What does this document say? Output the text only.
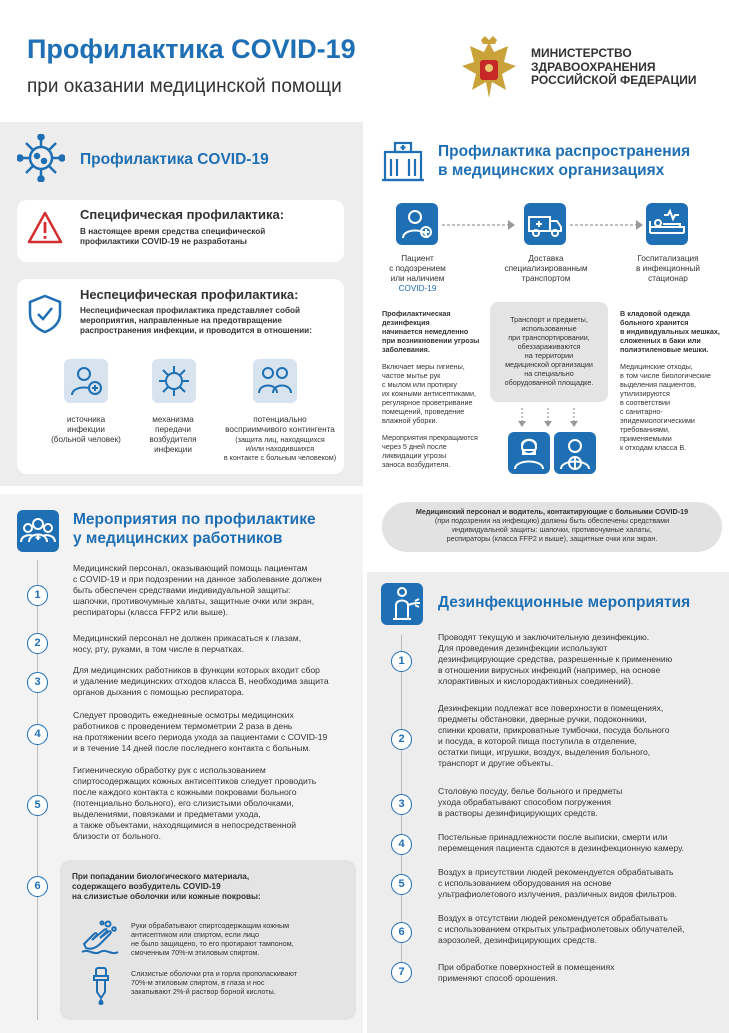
Профилактика COVID-19
при оказании медицинской помощи
МИНИСТЕРСТВО
ЗДРАВООХРАНЕНИЯ
РОССИЙСКОЙ ФЕДЕРАЦИИ
Профилактика COVID-19
Специфическая профилактика:
В настоящее время средства специфической
профилактики COVID-19 не разработаны
Неспецифическая профилактика:
Неспецифическая профилактика представляет собой
мероприятия, направленные на предотвращение
распространения инфекции, и проводится в отношении:
источника
инфекции
(больной человек)
механизма
передачи
возбудителя
инфекции
потенциально
восприимчивого контингента
(защита лиц, находящихся
и/или находившихся
в контакте с больным человеком)
Профилактика распространения
в медицинских организациях
Пациент
с подозрением
или наличием
COVID-19
Доставка
специализированным
транспортом
Госпитализация
в инфекционный
стационар
Профилактическая
дезинфекция
начинается немедленно
при возникновении угрозы
заболевания.
Включает меры гигиены,
частое мытье рук
с мылом или протирку
их кожными антисептиками,
регулярное проветривание
помещений, проведение
влажной уборки.
Мероприятия прекращаются
через 5 дней после
ликвидации угрозы
заноса возбудителя.
Транспорт и предметы,
использованные
при транспортировании,
обеззараживаются
на территории
медицинской организации
на специально
оборудованной площадке.
В кладовой одежда
больного хранится
в индивидуальных мешках,
сложенных в баки или
полиэтиленовые мешки.
Медицинские отходы,
в том числе биологические
выделения пациентов,
утилизируются
в соответствии
с санитарно-
эпидемиологическими
требованиями,
применяемыми
к отходам класса В.
Медицинский персонал и водитель, контактирующие с больными COVID-19
(при подозрении на инфекцию) должны быть обеспечены средствами
индивидуальной защиты: шапочки, противочумные халаты,
респираторы (класса FFP2 и выше), защитные очки или экран.
Мероприятия по профилактике
у медицинских работников
1
Медицинский персонал, оказывающий помощь пациентам
с COVID-19 и при подозрении на данное заболевание должен
быть обеспечен средствами индивидуальной защиты:
шапочки, противочумные халаты, защитные очки или экран,
респираторы (класса FFP2 или выше).
2	Медицинский персонал не должен прикасаться к глазам,
носу, рту, руками, в том числе в перчатках.
3
Для медицинских работников в функции которых входит сбор
и удаление медицинских отходов класса В, необходима защита
органов дыхания с помощью респиратора.
4
Следует проводить ежедневные осмотры медицинских
работников с проведением термометрии 2 раза в день
на протяжении всего периода ухода за пациентами с COVID-19
и в течение 14 дней после последнего контакта с больным.
5
Гигиеническую обработку рук с использованием
спиртосодержащих кожных антисептиков следует проводить
после каждого контакта с кожными покровами больного
(потенциально больного), его слизистыми оболочками,
выделениями, повязками и предметами ухода,
а также объектами, находящимися в непосредственной
близости от больного.
6
При попадании биологического материала,
содержащего возбудитель COVID-19
на слизистые оболочки или кожные покровы:
Руки обрабатывают спиртсодержащим кожным
антисептиком или спиртом, если лицо
не было защищено, то его протирают тампоном,
смоченным 70%-м этиловым спиртом.
Слизистые оболочки рта и горла прополаскивают
70%-м этиловым спиртом, в глаза и нос
закапывают 2%-й раствор борной кислоты.
Дезинфекционные мероприятия
1
Проводят текущую и заключительную дезинфекцию.
Для проведения дезинфекции используют
дезинфицирующие средства, разрешенные к применению
в отношении вирусных инфекций (например, на основе
хлорактивных и кислородактивных соединений).
2
Дезинфекции подлежат все поверхности в помещениях,
предметы обстановки, дверные ручки, подоконники,
спинки кровати, прикроватные тумбочки, посуда больного
и посуда, в которой пища поступила в отделение,
остатки пищи, игрушки, воздух, выделения больного,
транспорт и другие объекты.
3
Столовую посуду, белье больного и предметы
ухода обрабатывают способом погружения
в растворы дезинфицирующих средств.
4
Постельные принадлежности после выписки, смерти или
перемещения пациента сдаются в дезинфекционную камеру.
5
Воздух в присутствии людей рекомендуется обрабатывать
с использованием оборудования на основе
ультрафиолетового излучения, различных видов фильтров.
6
Воздух в отсутствии людей рекомендуется обрабатывать
с использованием открытых ультрафиолетовых облучателей,
аэрозолей, дезинфицирующих средств.
7	При обработке поверхностей в помещениях
применяют способ орошения.
